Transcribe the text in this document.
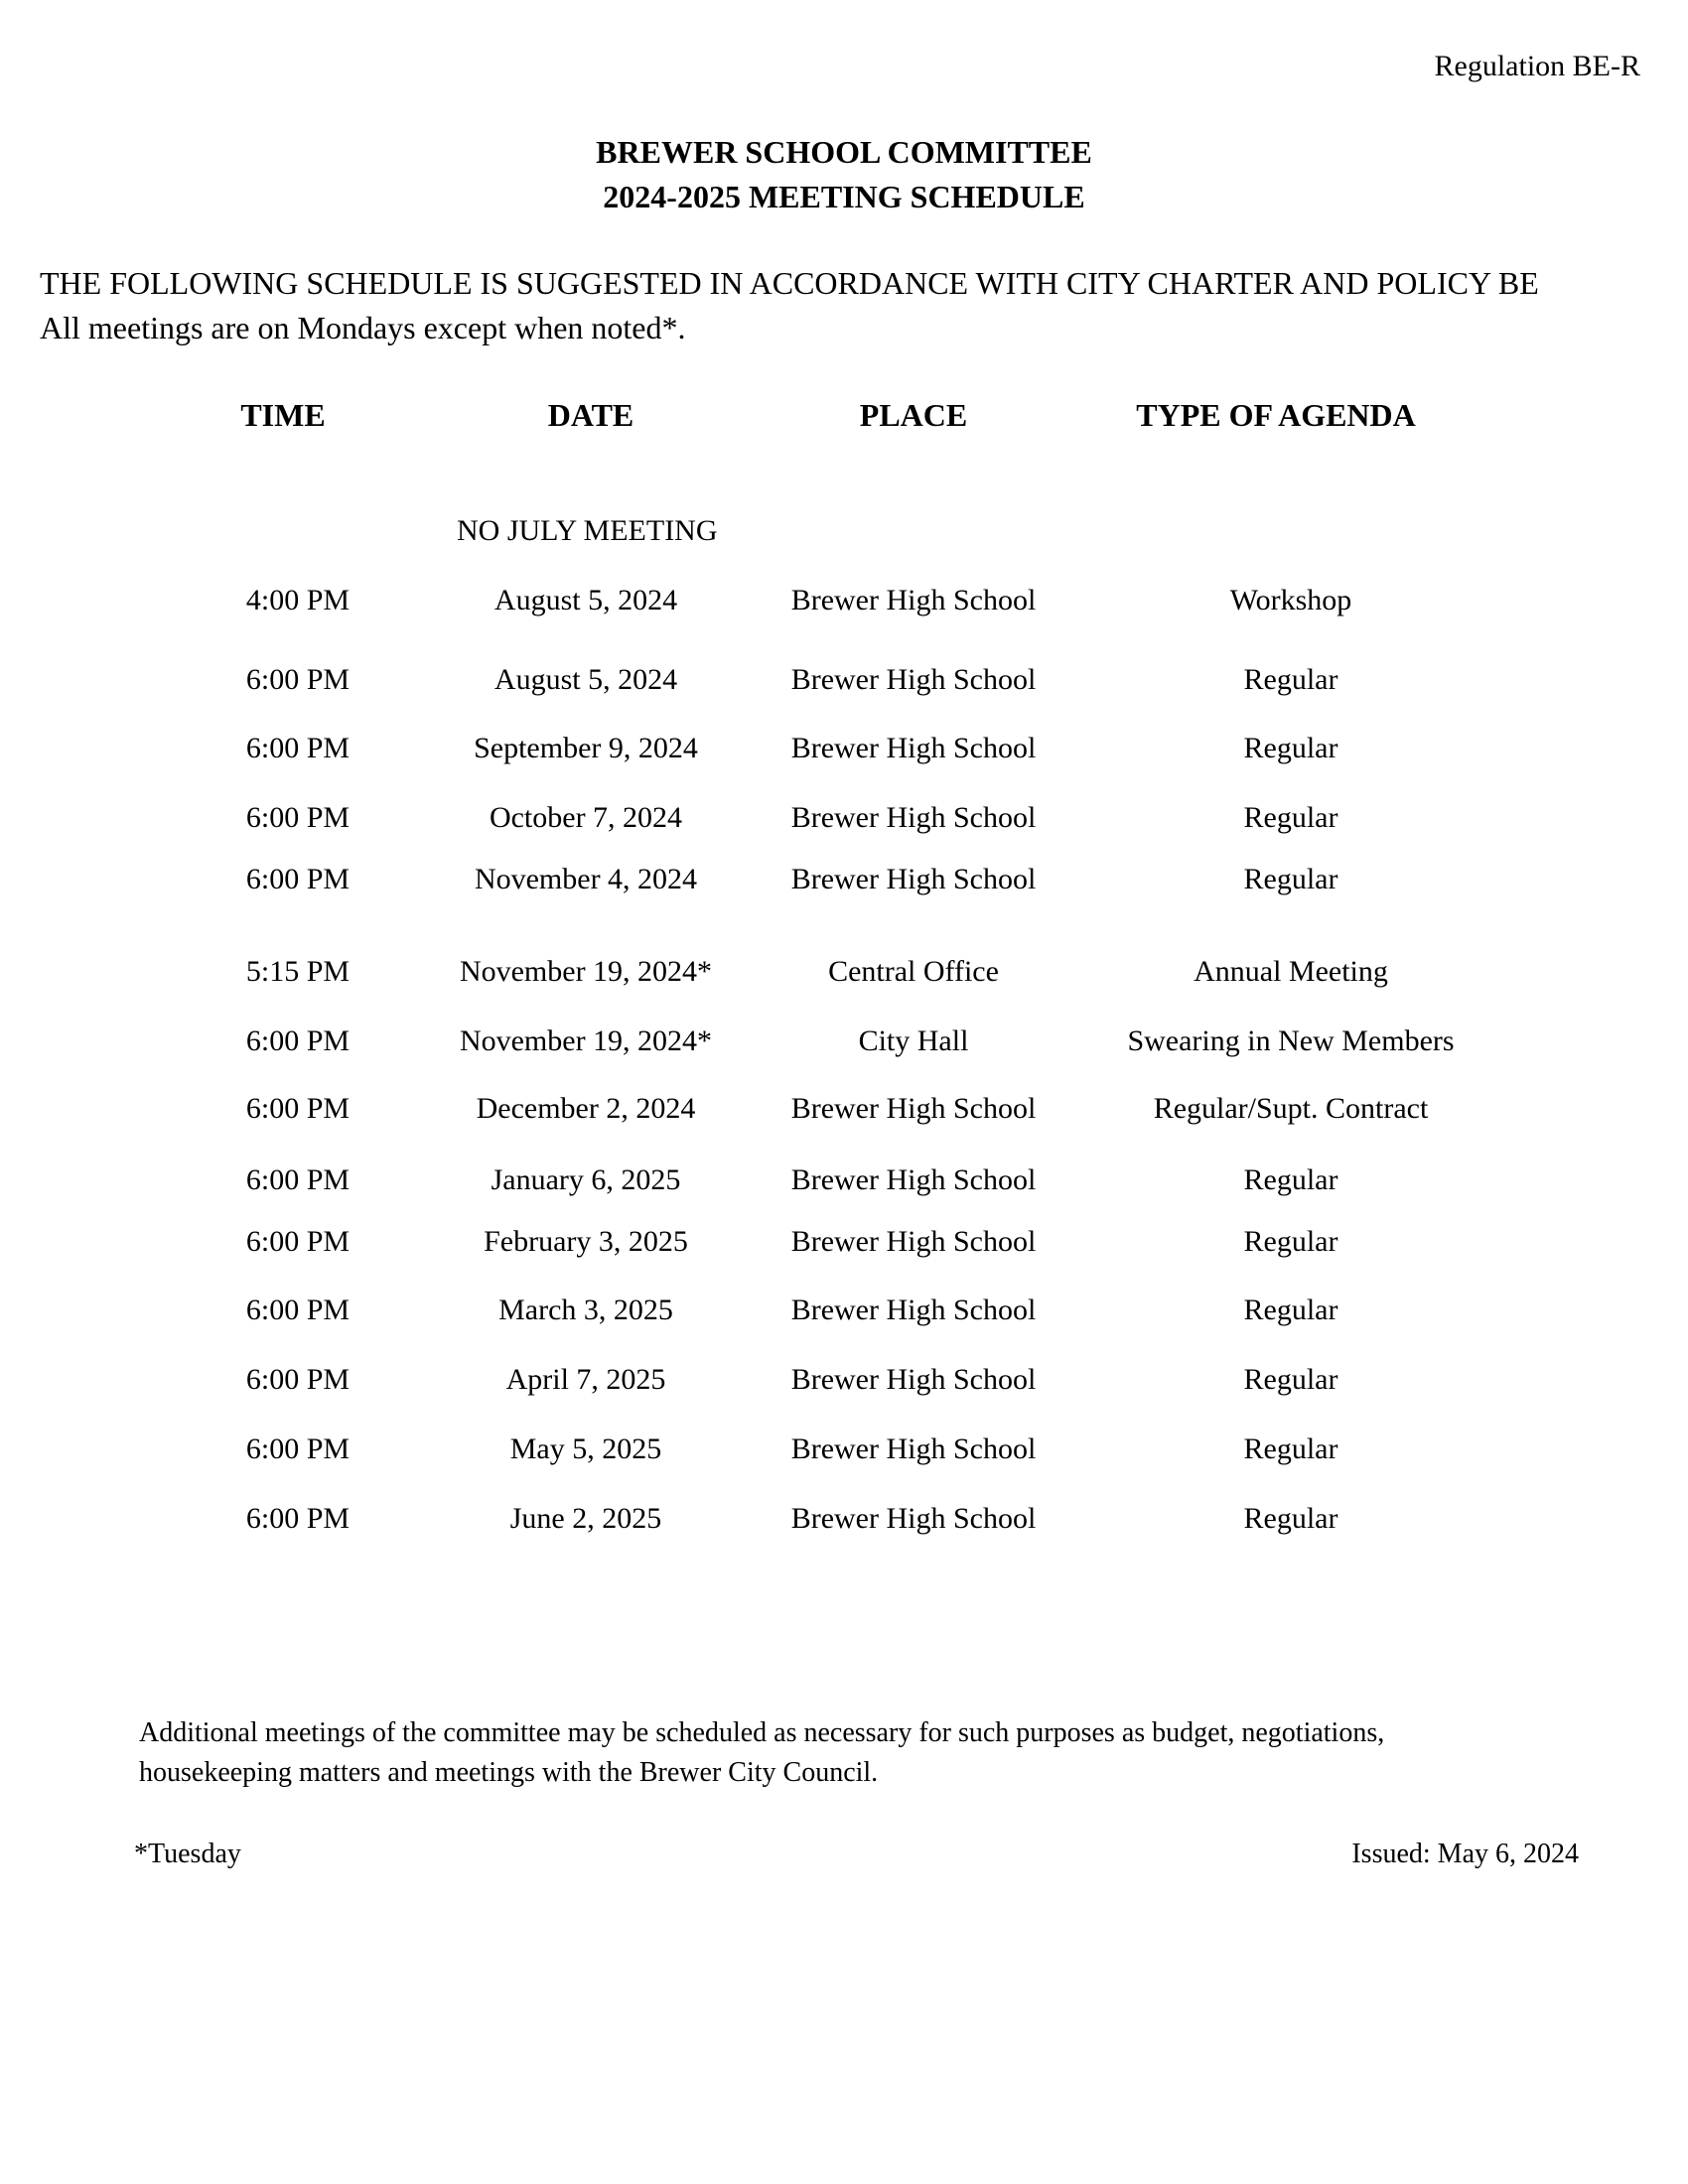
Regulation BE-R
BREWER SCHOOL COMMITTEE
2024-2025 MEETING SCHEDULE
THE FOLLOWING SCHEDULE IS SUGGESTED IN ACCORDANCE WITH CITY CHARTER AND POLICY BE
All meetings are on Mondays except when noted*.
TIME	DATE	PLACE	TYPE OF AGENDA
NO JULY MEETING
4:00 PM	August 5, 2024	Brewer High School	Workshop
6:00 PM	August 5, 2024	Brewer High School	Regular
6:00 PM	September 9, 2024	Brewer High School	Regular
6:00 PM	October 7, 2024	Brewer High School	Regular
6:00 PM	November 4, 2024	Brewer High School	Regular
5:15 PM	November 19, 2024*	Central Office	Annual Meeting
6:00 PM	November 19, 2024*	City Hall	Swearing in New Members
6:00 PM	December 2, 2024	Brewer High School	Regular/Supt. Contract
6:00 PM	January 6, 2025	Brewer High School	Regular
6:00 PM	February 3, 2025	Brewer High School	Regular
6:00 PM	March 3, 2025	Brewer High School	Regular
6:00 PM	April 7, 2025	Brewer High School	Regular
6:00 PM	May 5, 2025	Brewer High School	Regular
6:00 PM	June 2, 2025	Brewer High School	Regular
Additional meetings of the committee may be scheduled as necessary for such purposes as budget, negotiations,
housekeeping matters and meetings with the Brewer City Council.
*Tuesday	Issued: May 6, 2024
